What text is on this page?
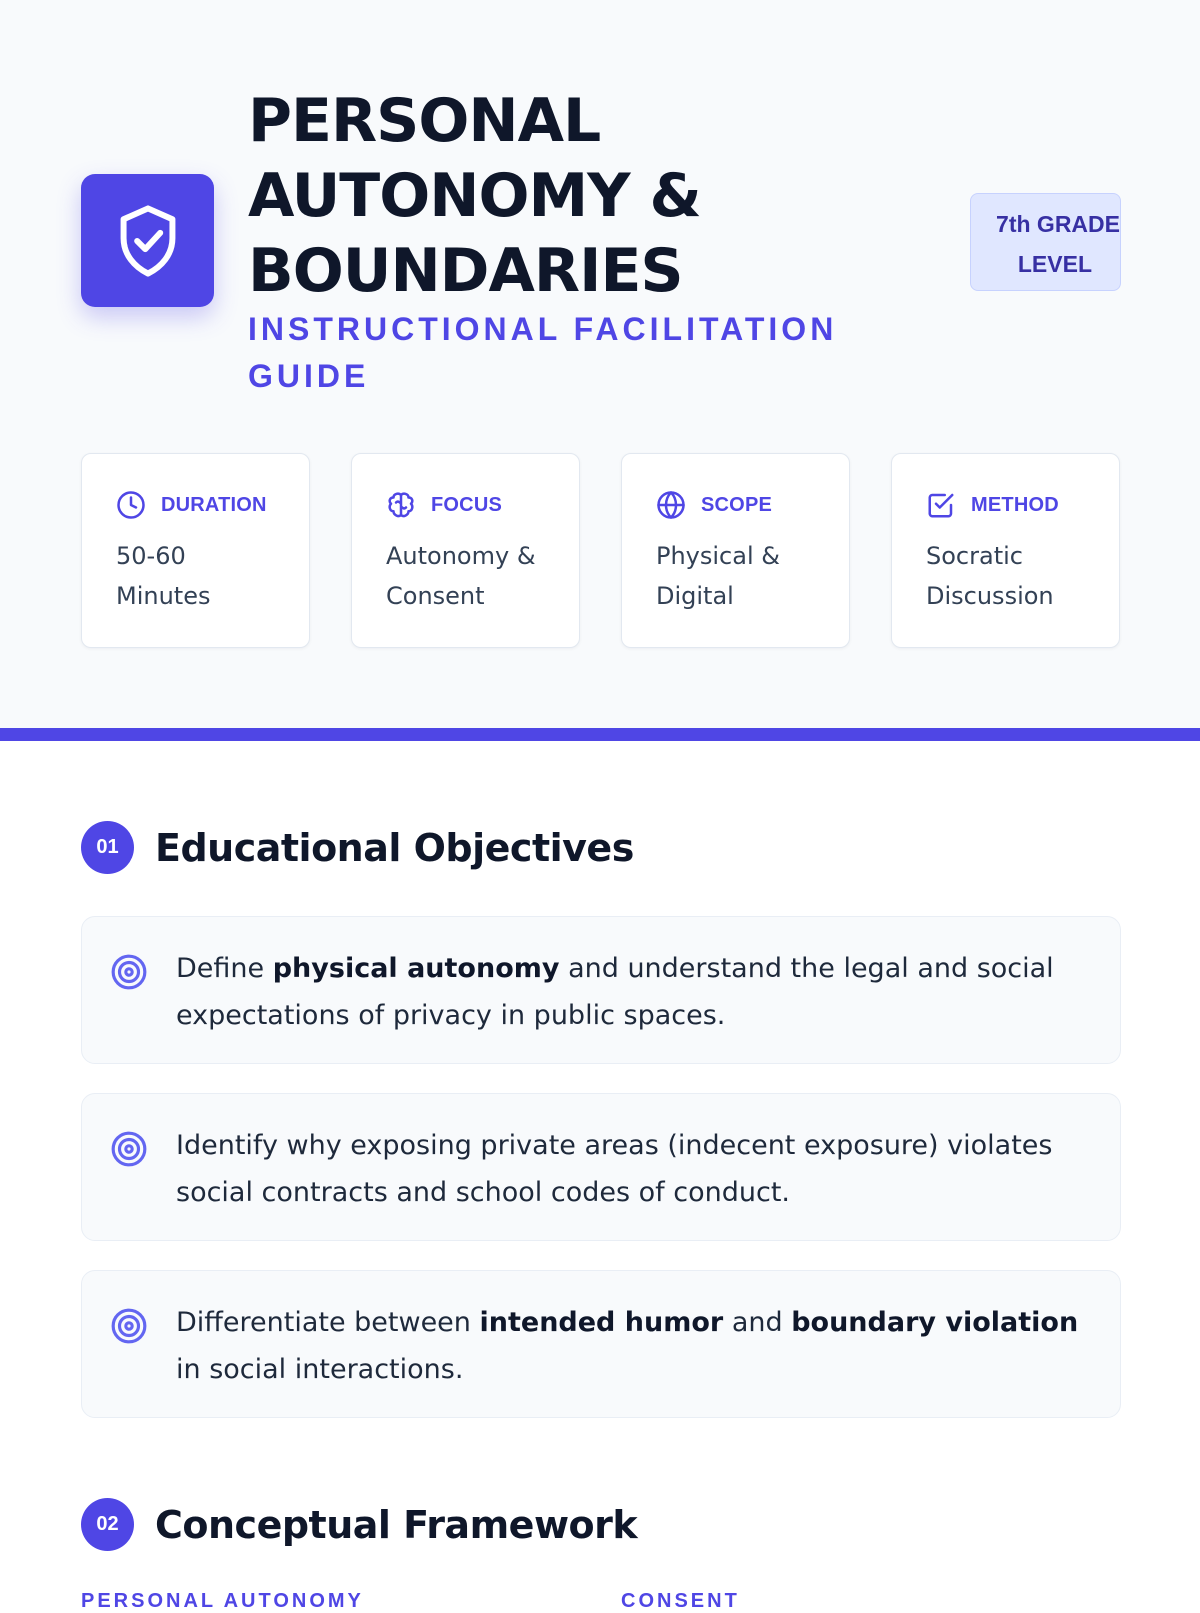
PERSONAL
AUTONOMY &
BOUNDARIES
INSTRUCTIONAL FACILITATION
GUIDE
7th GRADE
LEVEL
DURATION
50-60
Minutes
FOCUS
Autonomy &
Consent
SCOPE
Physical &
Digital
METHOD
Socratic
Discussion
01 Educational Objectives
Define physical autonomy and understand the legal and social expectations of privacy in public spaces.
Identify why exposing private areas (indecent exposure) violates social contracts and school codes of conduct.
Differentiate between intended humor and boundary violation in social interactions.
02 Conceptual Framework
PERSONAL AUTONOMY	CONSENT
